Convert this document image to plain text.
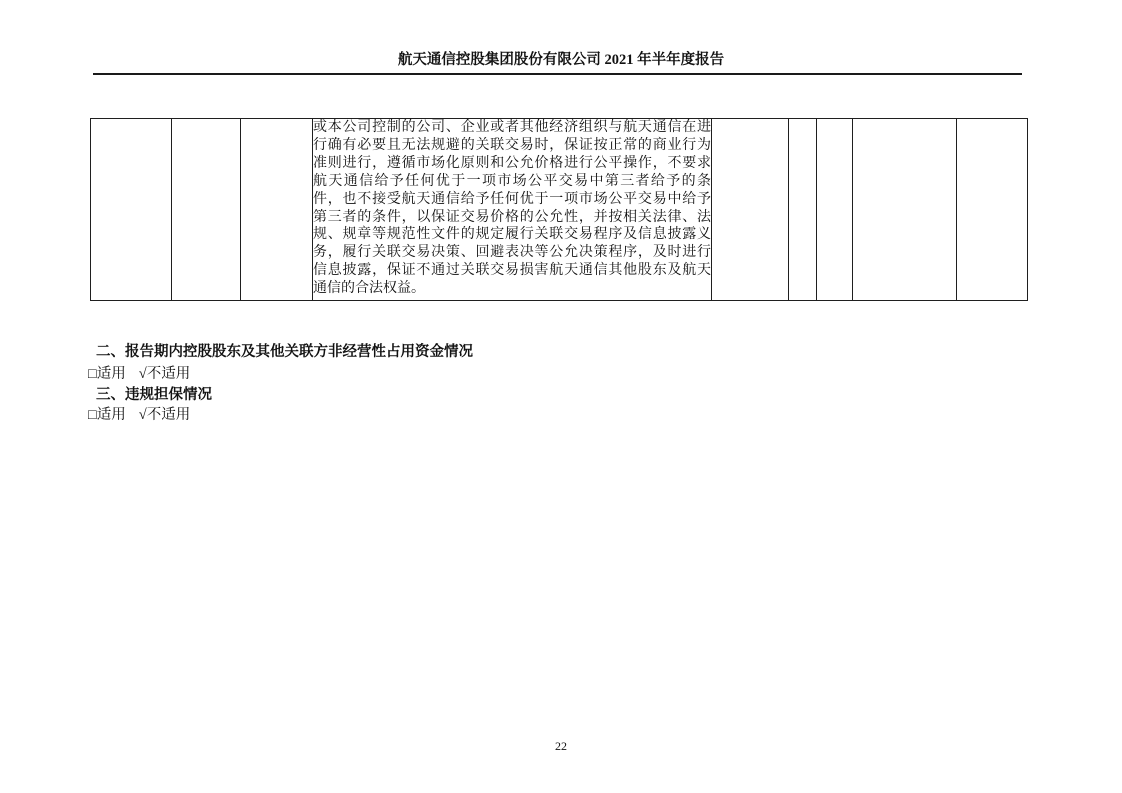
航天通信控股集团股份有限公司 2021 年半年度报告

或本公司控制的公司、企业或者其他经济组织与航天通信在进
行确有必要且无法规避的关联交易时，保证按正常的商业行为
准则进行，遵循市场化原则和公允价格进行公平操作，不要求
航天通信给予任何优于一项市场公平交易中第三者给予的条
件，也不接受航天通信给予任何优于一项市场公平交易中给予
第三者的条件，以保证交易价格的公允性，并按相关法律、法
规、规章等规范性文件的规定履行关联交易程序及信息披露义
务，履行关联交易决策、回避表决等公允决策程序，及时进行
信息披露，保证不通过关联交易损害航天通信其他股东及航天
通信的合法权益。

二、报告期内控股股东及其他关联方非经营性占用资金情况
□适用 √不适用
三、违规担保情况
□适用 √不适用
22
